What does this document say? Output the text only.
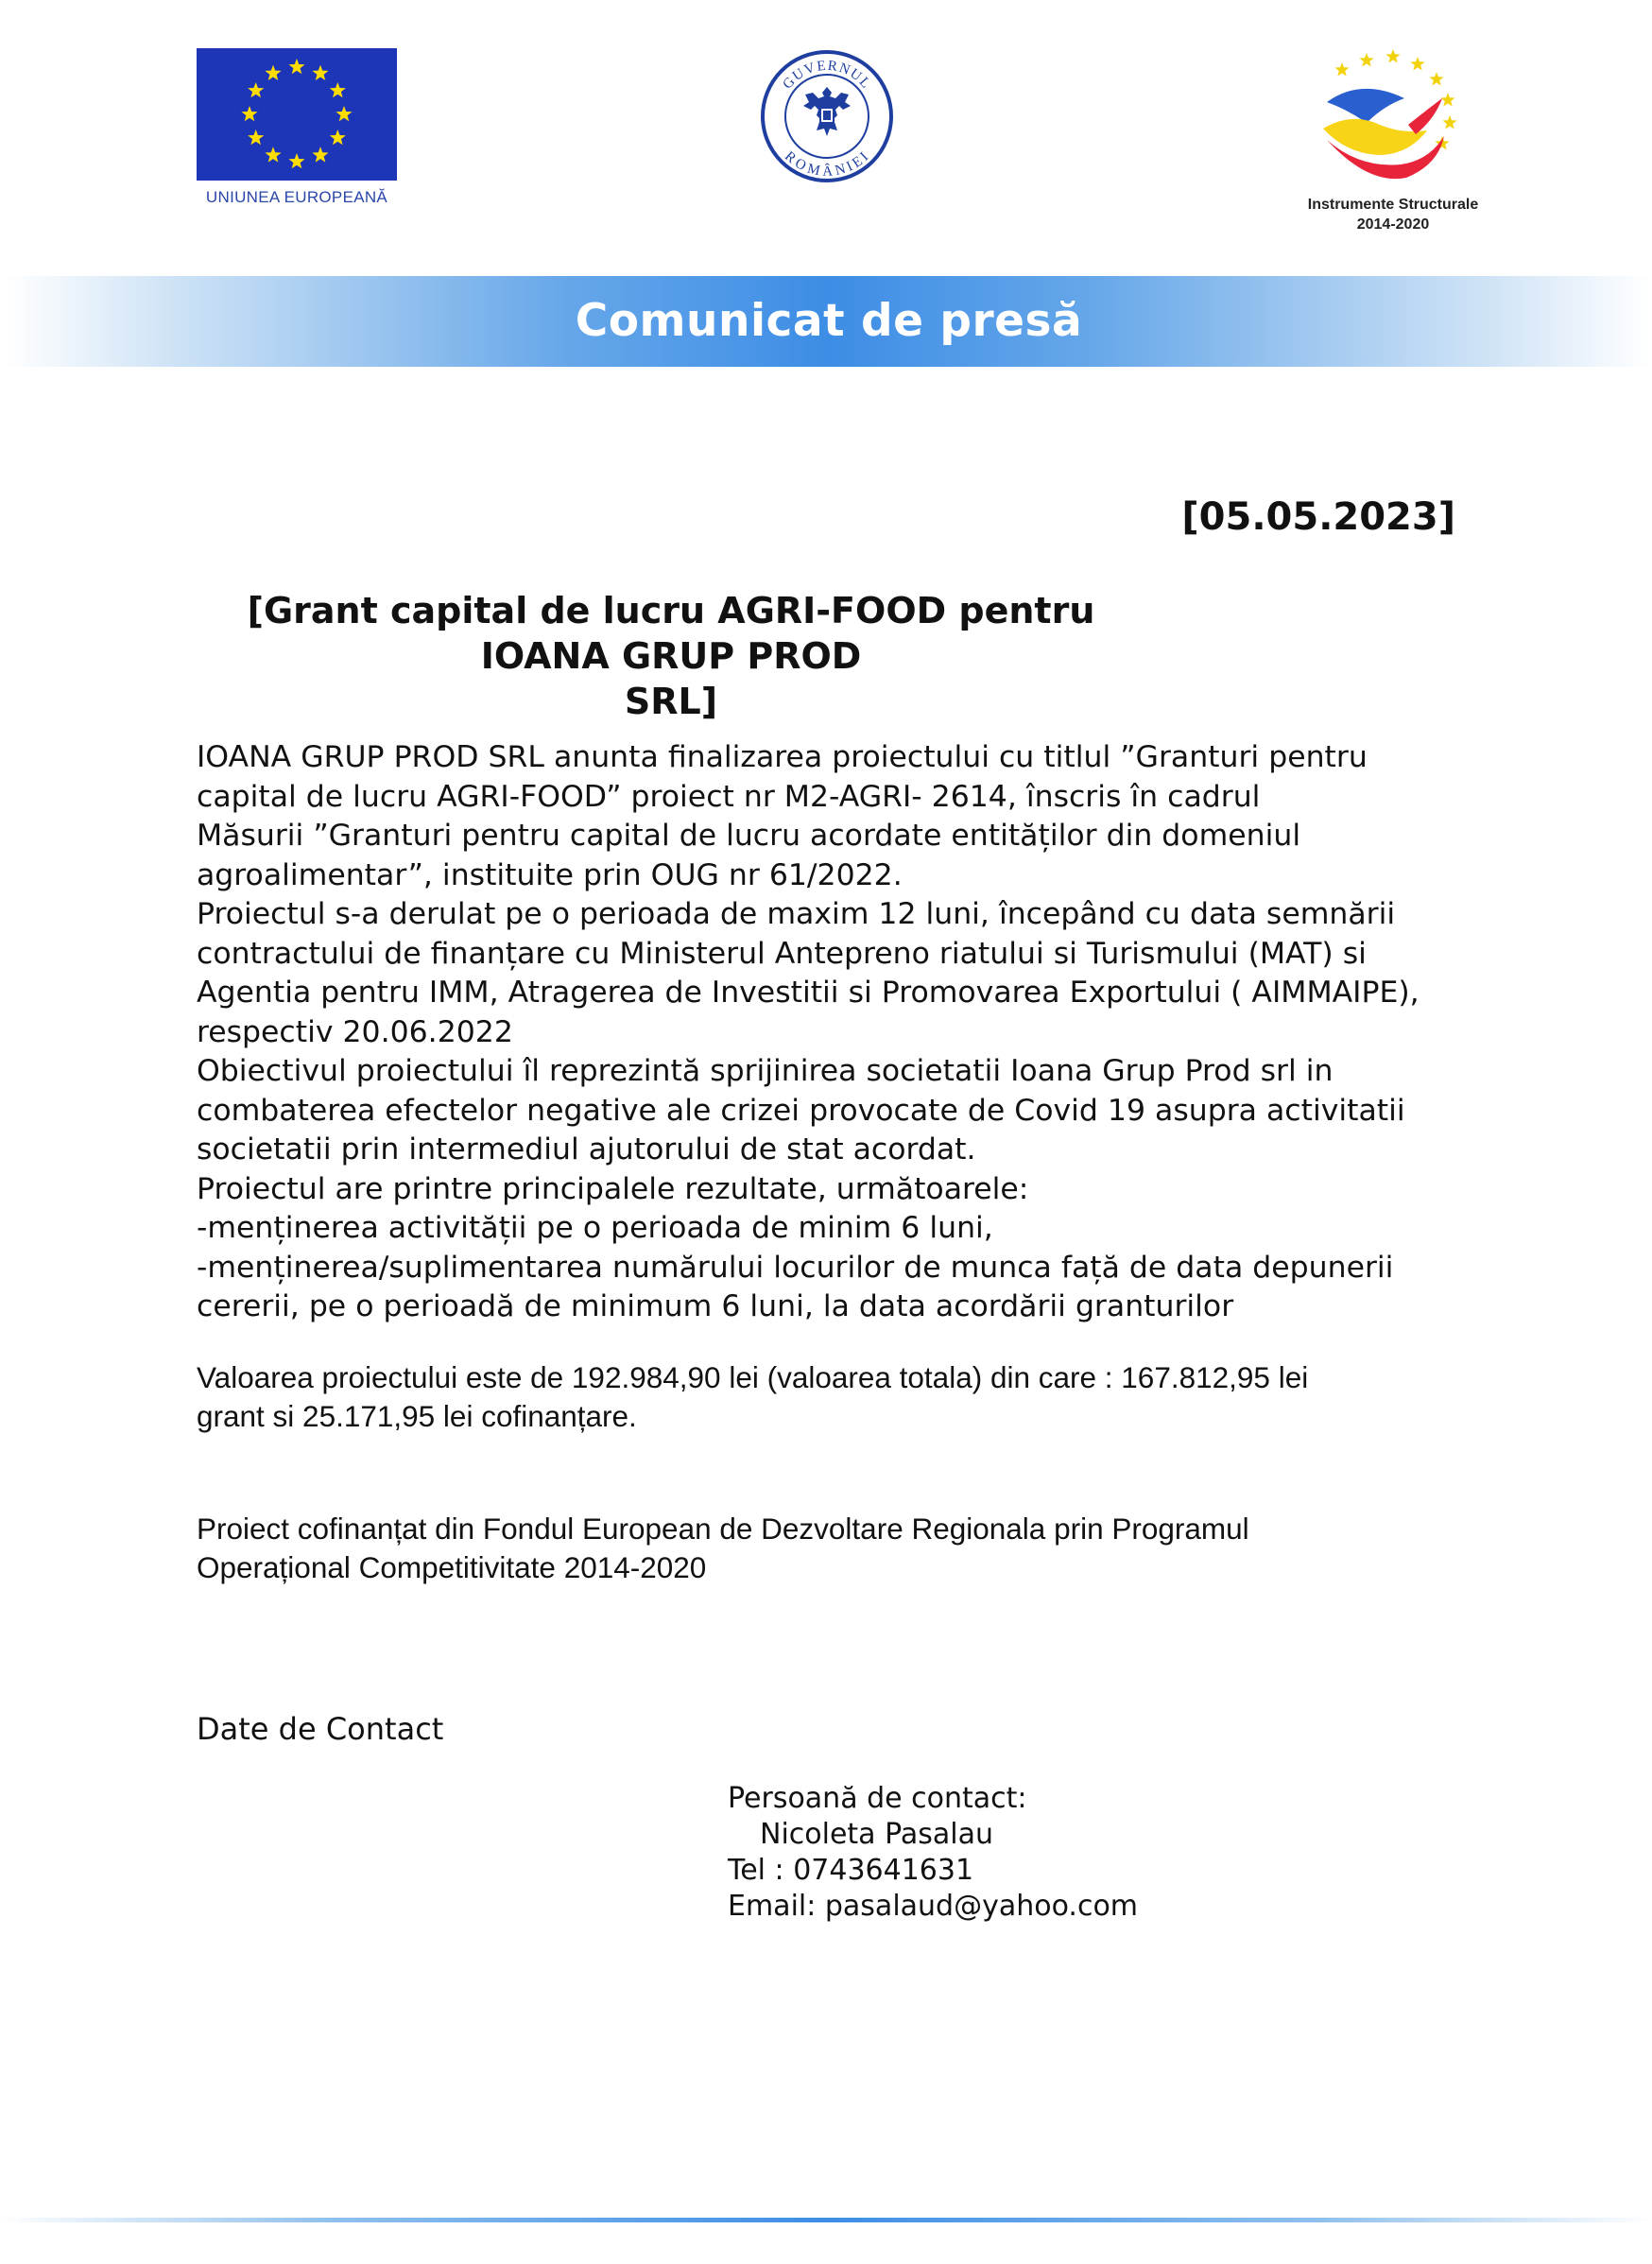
UNIUNEA EUROPEANĂ
GUVERNUL
ROMÂNIEI
Instrumente Structurale
2014-2020
Comunicat de presă
[05.05.2023]
[Grant capital de lucru AGRI-FOOD pentru IOANA GRUP PROD
SRL]
IOANA GRUP PROD SRL anunta finalizarea proiectului cu titlul ”Granturi pentru
capital de lucru AGRI-FOOD” proiect nr M2-AGRI- 2614, înscris în cadrul
Măsurii ”Granturi pentru capital de lucru acordate entităților din domeniul
agroalimentar”, instituite prin OUG nr 61/2022.
Proiectul s-a derulat pe o perioada de maxim 12 luni, începând cu data semnării
contractului de finanțare cu Ministerul Antepreno riatului si Turismului (MAT) si
Agentia pentru IMM, Atragerea de Investitii si Promovarea Exportului ( AIMMAIPE),
respectiv 20.06.2022
Obiectivul proiectului îl reprezintă sprijinirea societatii Ioana Grup Prod srl in
combaterea efectelor negative ale crizei provocate de Covid 19 asupra activitatii
societatii prin intermediul ajutorului de stat acordat.
Proiectul are printre principalele rezultate, următoarele:
-menținerea activității pe o perioada de minim 6 luni,
-menținerea/suplimentarea numărului locurilor de munca față de data depunerii
cererii, pe o perioadă de minimum 6 luni, la data acordării granturilor
Valoarea proiectului este de 192.984,90 lei (valoarea totala) din care : 167.812,95 lei
grant si 25.171,95 lei cofinanțare.
Proiect cofinanțat din Fondul European de Dezvoltare Regionala prin Programul
Operațional Competitivitate 2014-2020
Date de Contact
Persoană de contact:
Nicoleta Pasalau
Tel : 0743641631
Email: pasalaud@yahoo.com
